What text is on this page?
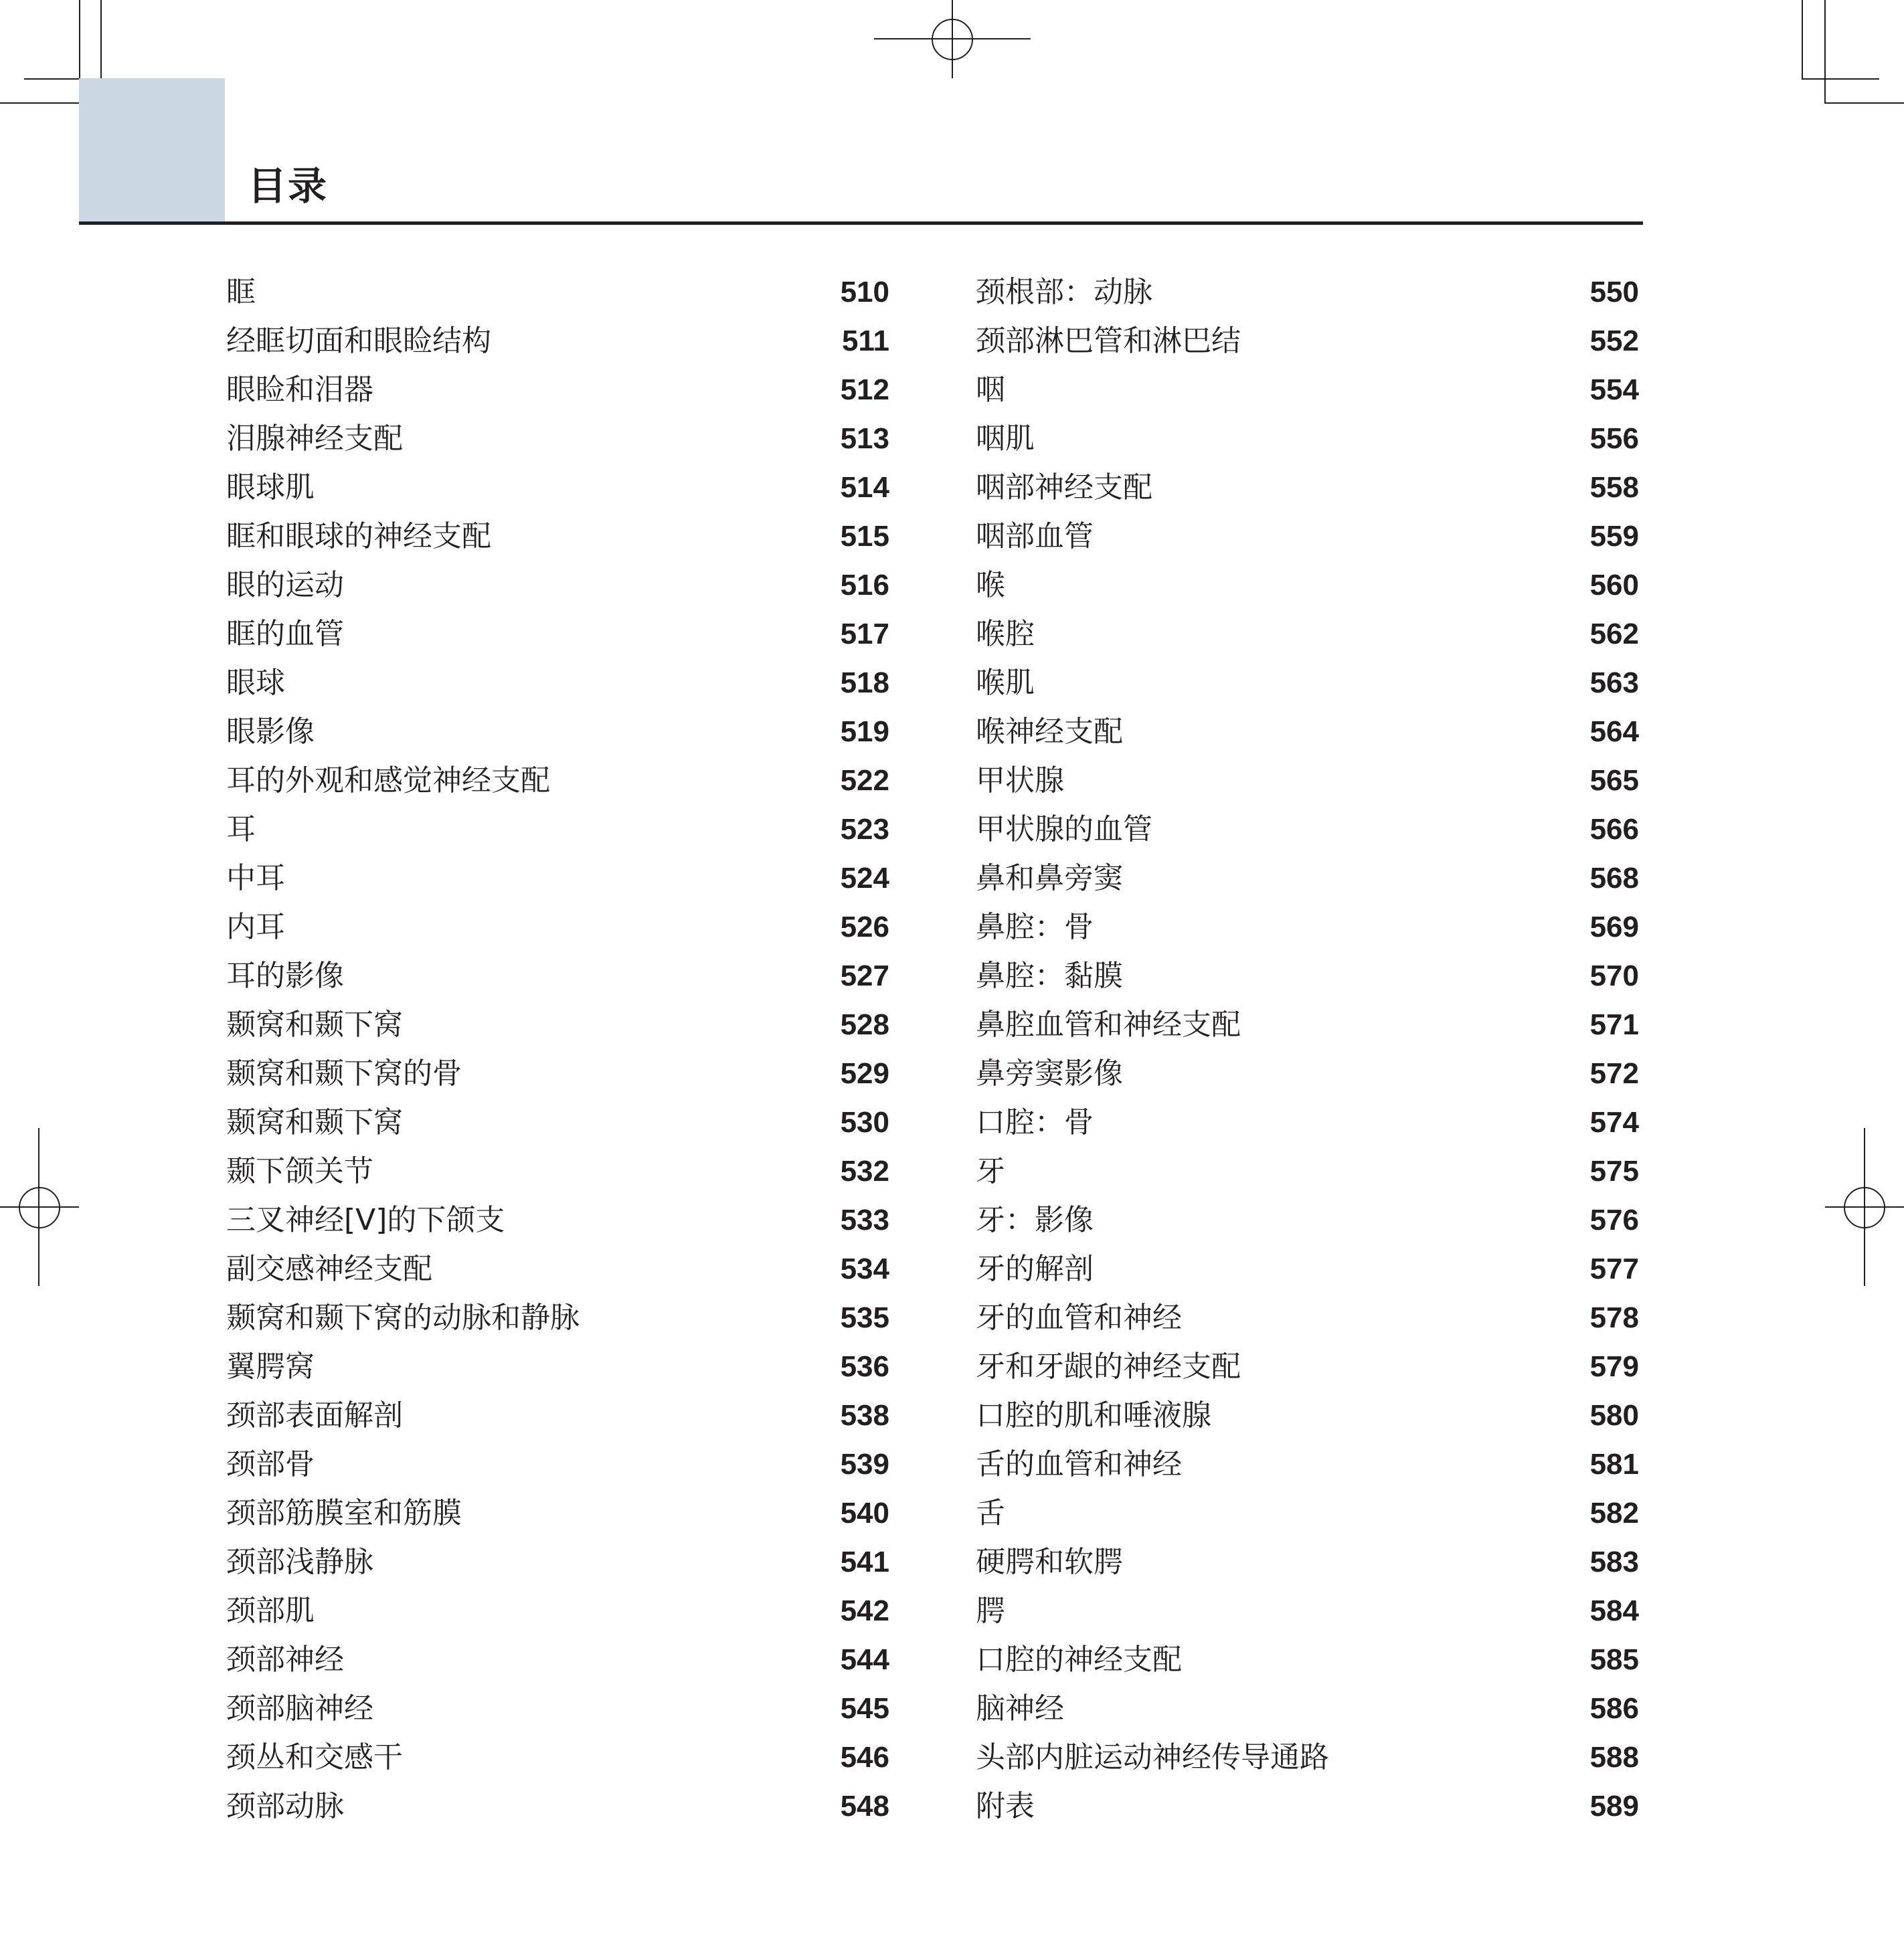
目录
眶	510
经眶切面和眼睑结构	511
眼睑和泪器	512
泪腺神经支配	513
眼球肌	514
眶和眼球的神经支配	515
眼的运动	516
眶的血管	517
眼球	518
眼影像	519
耳的外观和感觉神经支配	522
耳	523
中耳	524
内耳	526
耳的影像	527
颞窝和颞下窝	528
颞窝和颞下窝的骨	529
颞窝和颞下窝	530
颞下颌关节	532
三叉神经[Ⅴ]的下颌支	533
副交感神经支配	534
颞窝和颞下窝的动脉和静脉	535
翼腭窝	536
颈部表面解剖	538
颈部骨	539
颈部筋膜室和筋膜	540
颈部浅静脉	541
颈部肌	542
颈部神经	544
颈部脑神经	545
颈丛和交感干	546
颈部动脉	548
颈根部：动脉	550
颈部淋巴管和淋巴结	552
咽	554
咽肌	556
咽部神经支配	558
咽部血管	559
喉	560
喉腔	562
喉肌	563
喉神经支配	564
甲状腺	565
甲状腺的血管	566
鼻和鼻旁窦	568
鼻腔：骨	569
鼻腔：黏膜	570
鼻腔血管和神经支配	571
鼻旁窦影像	572
口腔：骨	574
牙	575
牙：影像	576
牙的解剖	577
牙的血管和神经	578
牙和牙龈的神经支配	579
口腔的肌和唾液腺	580
舌的血管和神经	581
舌	582
硬腭和软腭	583
腭	584
口腔的神经支配	585
脑神经	586
头部内脏运动神经传导通路	588
附表	589
